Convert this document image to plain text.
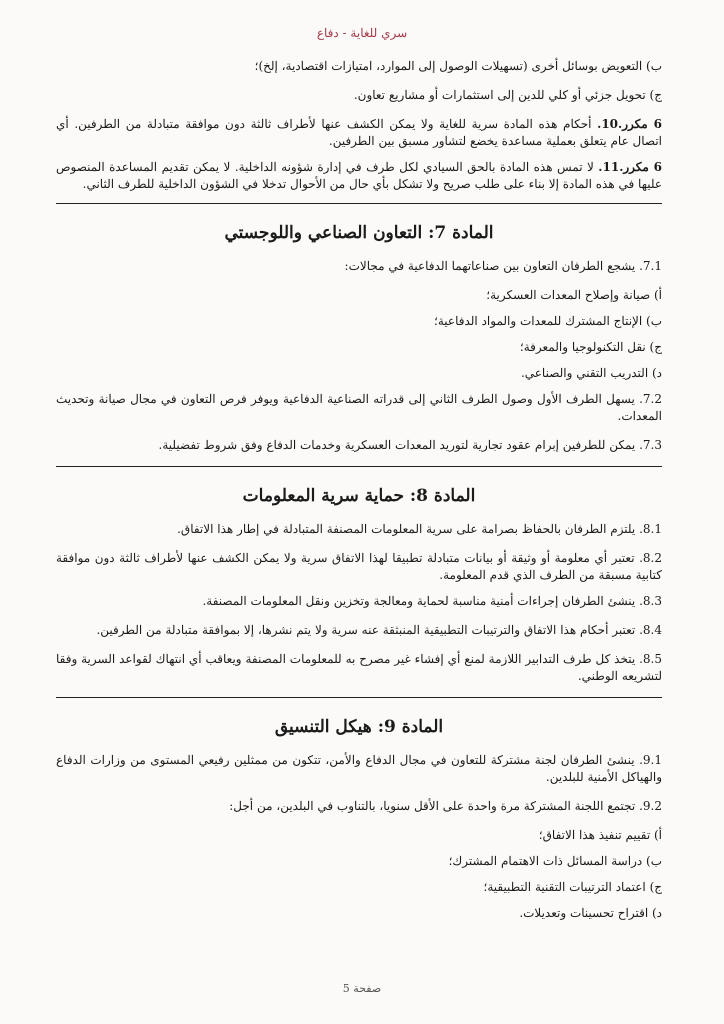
سري للغاية - دفاع

ب) التعويض بوسائل أخرى (تسهيلات الوصول إلى الموارد، امتيازات اقتصادية، إلخ)؛

ج) تحويل جزئي أو كلي للدين إلى استثمارات أو مشاريع تعاون.

6 مكرر.10. أحكام هذه المادة سرية للغاية ولا يمكن الكشف عنها لأطراف ثالثة دون موافقة متبادلة من الطرفين. أي اتصال عام يتعلق بعملية مساعدة يخضع لتشاور مسبق بين الطرفين.

6 مكرر.11. لا تمس هذه المادة بالحق السيادي لكل طرف في إدارة شؤونه الداخلية. لا يمكن تقديم المساعدة المنصوص عليها في هذه المادة إلا بناء على طلب صريح ولا تشكل بأي حال من الأحوال تدخلا في الشؤون الداخلية للطرف الثاني.

المادة 7: التعاون الصناعي واللوجستي

7.1. يشجع الطرفان التعاون بين صناعاتهما الدفاعية في مجالات:

أ) صيانة وإصلاح المعدات العسكرية؛
ب) الإنتاج المشترك للمعدات والمواد الدفاعية؛
ج) نقل التكنولوجيا والمعرفة؛
د) التدريب التقني والصناعي.

7.2. يسهل الطرف الأول وصول الطرف الثاني إلى قدراته الصناعية الدفاعية ويوفر فرص التعاون في مجال صيانة وتحديث المعدات.

7.3. يمكن للطرفين إبرام عقود تجارية لتوريد المعدات العسكرية وخدمات الدفاع وفق شروط تفضيلية.

المادة 8: حماية سرية المعلومات

8.1. يلتزم الطرفان بالحفاظ بصرامة على سرية المعلومات المصنفة المتبادلة في إطار هذا الاتفاق.

8.2. تعتبر أي معلومة أو وثيقة أو بيانات متبادلة تطبيقا لهذا الاتفاق سرية ولا يمكن الكشف عنها لأطراف ثالثة دون موافقة كتابية مسبقة من الطرف الذي قدم المعلومة.

8.3. ينشئ الطرفان إجراءات أمنية مناسبة لحماية ومعالجة وتخزين ونقل المعلومات المصنفة.

8.4. تعتبر أحكام هذا الاتفاق والترتيبات التطبيقية المنبثقة عنه سرية ولا يتم نشرها، إلا بموافقة متبادلة من الطرفين.

8.5. يتخذ كل طرف التدابير اللازمة لمنع أي إفشاء غير مصرح به للمعلومات المصنفة ويعاقب أي انتهاك لقواعد السرية وفقا لتشريعه الوطني.

المادة 9: هيكل التنسيق

9.1. ينشئ الطرفان لجنة مشتركة للتعاون في مجال الدفاع والأمن، تتكون من ممثلين رفيعي المستوى من وزارات الدفاع والهياكل الأمنية للبلدين.

9.2. تجتمع اللجنة المشتركة مرة واحدة على الأقل سنويا، بالتناوب في البلدين، من أجل:

أ) تقييم تنفيذ هذا الاتفاق؛
ب) دراسة المسائل ذات الاهتمام المشترك؛
ج) اعتماد الترتيبات التقنية التطبيقية؛
د) اقتراح تحسينات وتعديلات.
صفحة 5
